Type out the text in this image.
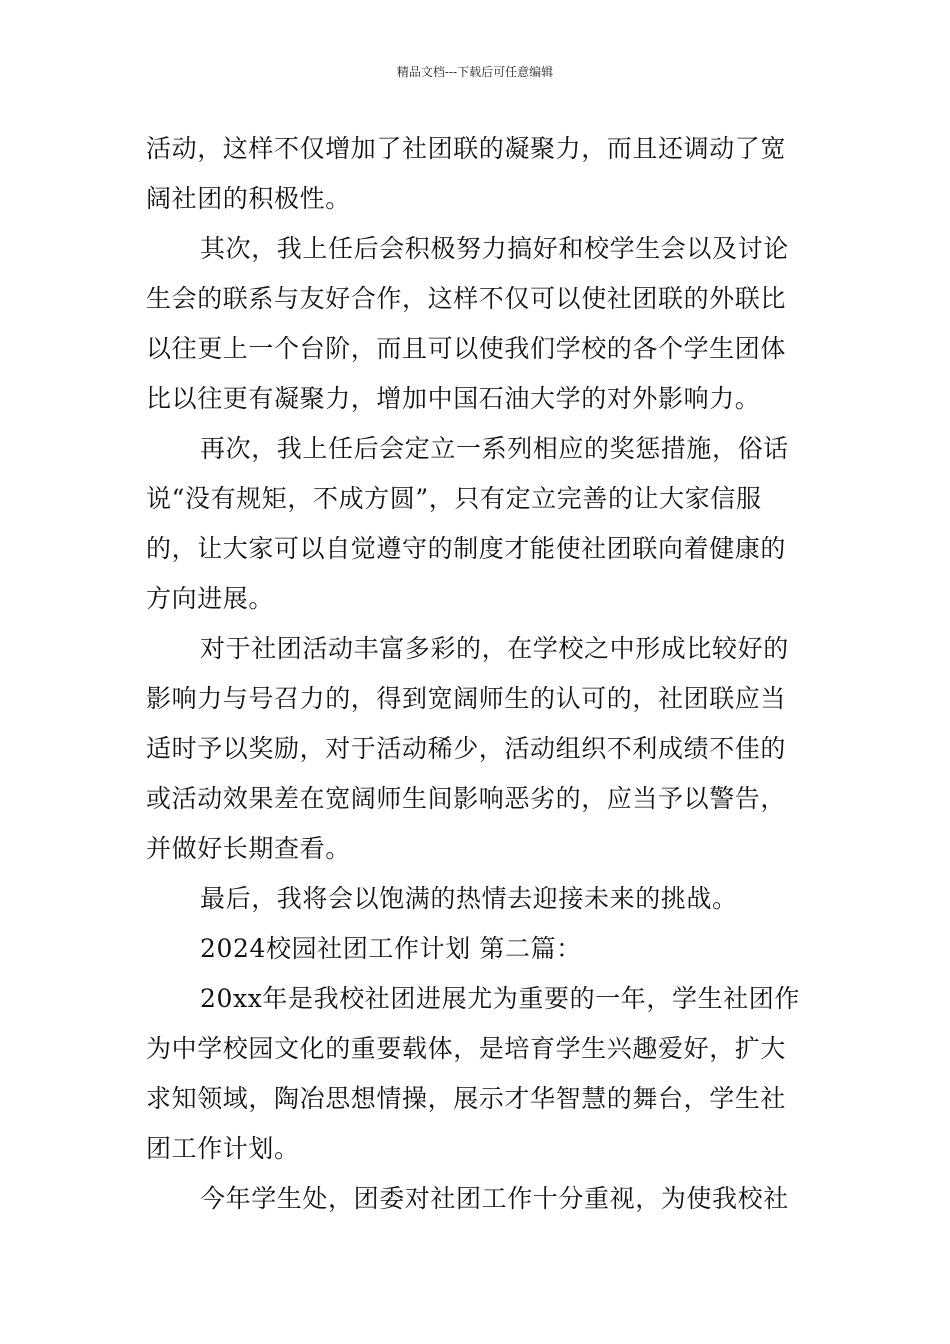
精品文档---下载后可任意编辑

活动，这样不仅增加了社团联的凝聚力，而且还调动了宽
阔社团的积极性。

其次，我上任后会积极努力搞好和校学生会以及讨论
生会的联系与友好合作，这样不仅可以使社团联的外联比
以往更上一个台阶，而且可以使我们学校的各个学生团体
比以往更有凝聚力，增加中国石油大学的对外影响力。

再次，我上任后会定立一系列相应的奖惩措施，俗话
说“没有规矩，不成方圆”，只有定立完善的让大家信服
的，让大家可以自觉遵守的制度才能使社团联向着健康的
方向进展。

对于社团活动丰富多彩的，在学校之中形成比较好的
影响力与号召力的，得到宽阔师生的认可的，社团联应当
适时予以奖励，对于活动稀少，活动组织不利成绩不佳的
或活动效果差在宽阔师生间影响恶劣的，应当予以警告，
并做好长期查看。

最后，我将会以饱满的热情去迎接未来的挑战。

2024校园社团工作计划 第二篇：

20xx年是我校社团进展尤为重要的一年，学生社团作
为中学校园文化的重要载体，是培育学生兴趣爱好，扩大
求知领域，陶冶思想情操，展示才华智慧的舞台，学生社
团工作计划。

今年学生处，团委对社团工作十分重视，为使我校社
